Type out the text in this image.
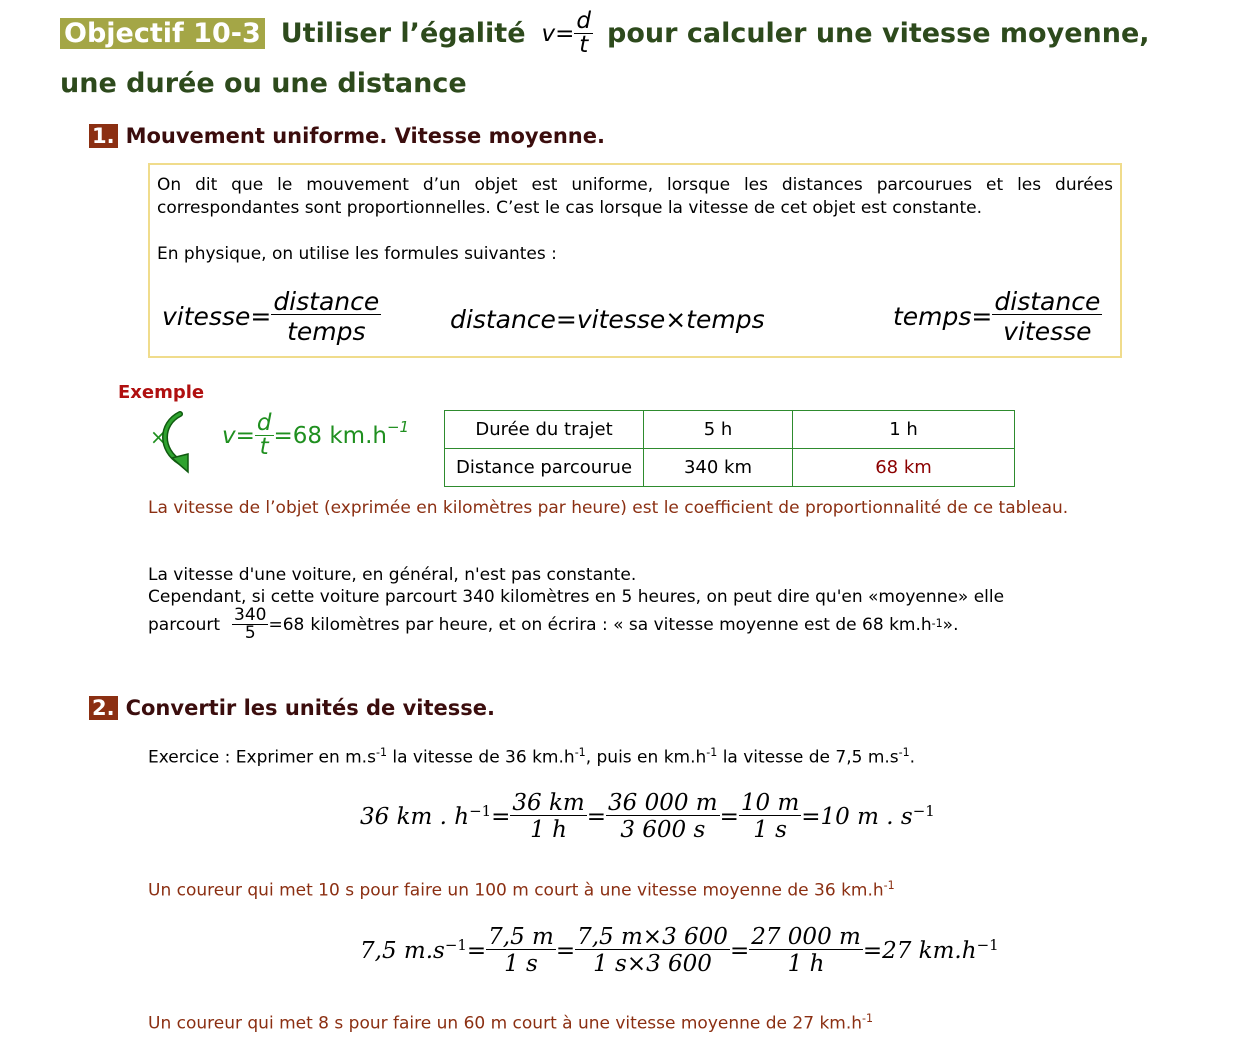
Objectif 10-3 Utiliser l’égalité $v= \frac{d}{t}$ pour calculer une vitesse moyenne,
une durée ou une distance
1. Mouvement uniforme. Vitesse moyenne.

On dit que le mouvement d’un objet est uniforme, lorsque les distances parcourues et les durées correspondantes sont proportionnelles. C’est le cas lorsque la vitesse de cet objet est constante.

En physique, on utilise les formules suivantes :

vitesse= $\frac{\text{distance}}{\text{temps}}$	distance=vitesse×temps	temps= $\frac{\text{distance}}{\text{vitesse}}$
Exemple
× $v= \frac{d}{t} =68$ $km.h^{-1}$	Durée du trajet	5 h	1 h
Distance parcourue	340 km	68 km

La vitesse de l’objet (exprimée en kilomètres par heure) est le coefficient de proportionnalité de ce tableau.

La vitesse d'une voiture, en général, n'est pas constante.

Cependant, si cette voiture parcourt 340 kilomètres en 5 heures, on peut dire qu'en «moyenne» elle

parcourt $\frac{340}{5} =68$ kilomètres par heure, et on écrira : « sa vitesse moyenne est de 68 km.h -1 ».
2. Convertir les unités de vitesse.

Exercice : Exprimer en $m.s^{-1}$ la vitesse de 36 $km.h^{-1}$, puis en $km.h^{-1}$ la vitesse de 7,5 $m.s^{-1}$.

36 km . $h^{-1} = \frac{36 km}{1 h} = \frac{36 000 m}{3 600 s} = \frac{10 m}{1 s} =10$ m . $s^{-1}$

Un coureur qui met 10 s pour faire un 100 m court à une vitesse moyenne de 36 $km.h^{-1}$

7,5 $m.s^{-1} = \frac{7,5 m}{1 s} = \frac{7,5 m\times 3 600}{1 s\times 3 600} = \frac{27 000 m}{1 h} =27$ $km.h^{-1}$

Un coureur qui met 8 s pour faire un 60 m court à une vitesse moyenne de 27 $km.h^{-1}$
